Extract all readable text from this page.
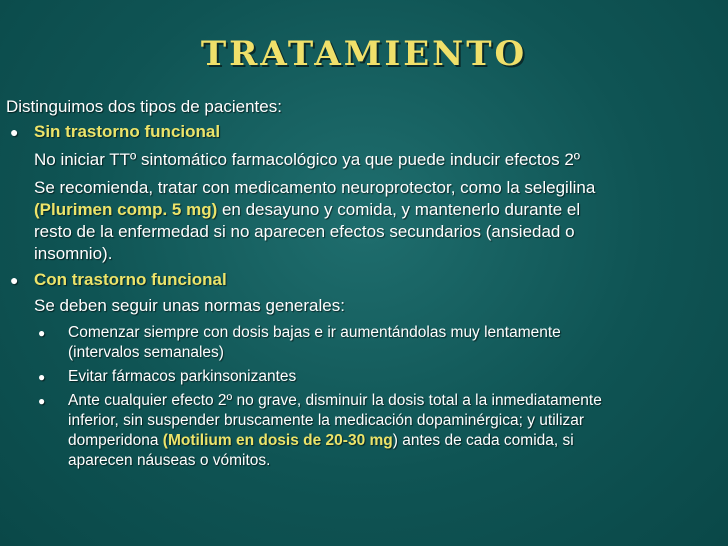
TRATAMIENTO
Distinguimos dos tipos de pacientes:
● Sin trastorno funcional
No iniciar TTº sintomático farmacológico ya que puede inducir efectos 2º
Se recomienda, tratar con medicamento neuroprotector, como la selegilina
(Plurimen comp. 5 mg) en desayuno y comida, y mantenerlo durante el
resto de la enfermedad si no aparecen efectos secundarios (ansiedad o
insomnio).
● Con trastorno funcional
Se deben seguir unas normas generales:
●	Comenzar siempre con dosis bajas e ir aumentándolas muy lentamente
(intervalos semanales)
●	Evitar fármacos parkinsonizantes
●	Ante cualquier efecto 2º no grave, disminuir la dosis total a la inmediatamente
inferior, sin suspender bruscamente la medicación dopaminérgica; y utilizar
domperidona (Motilium en dosis de 20-30 mg) antes de cada comida, si
aparecen náuseas o vómitos.
